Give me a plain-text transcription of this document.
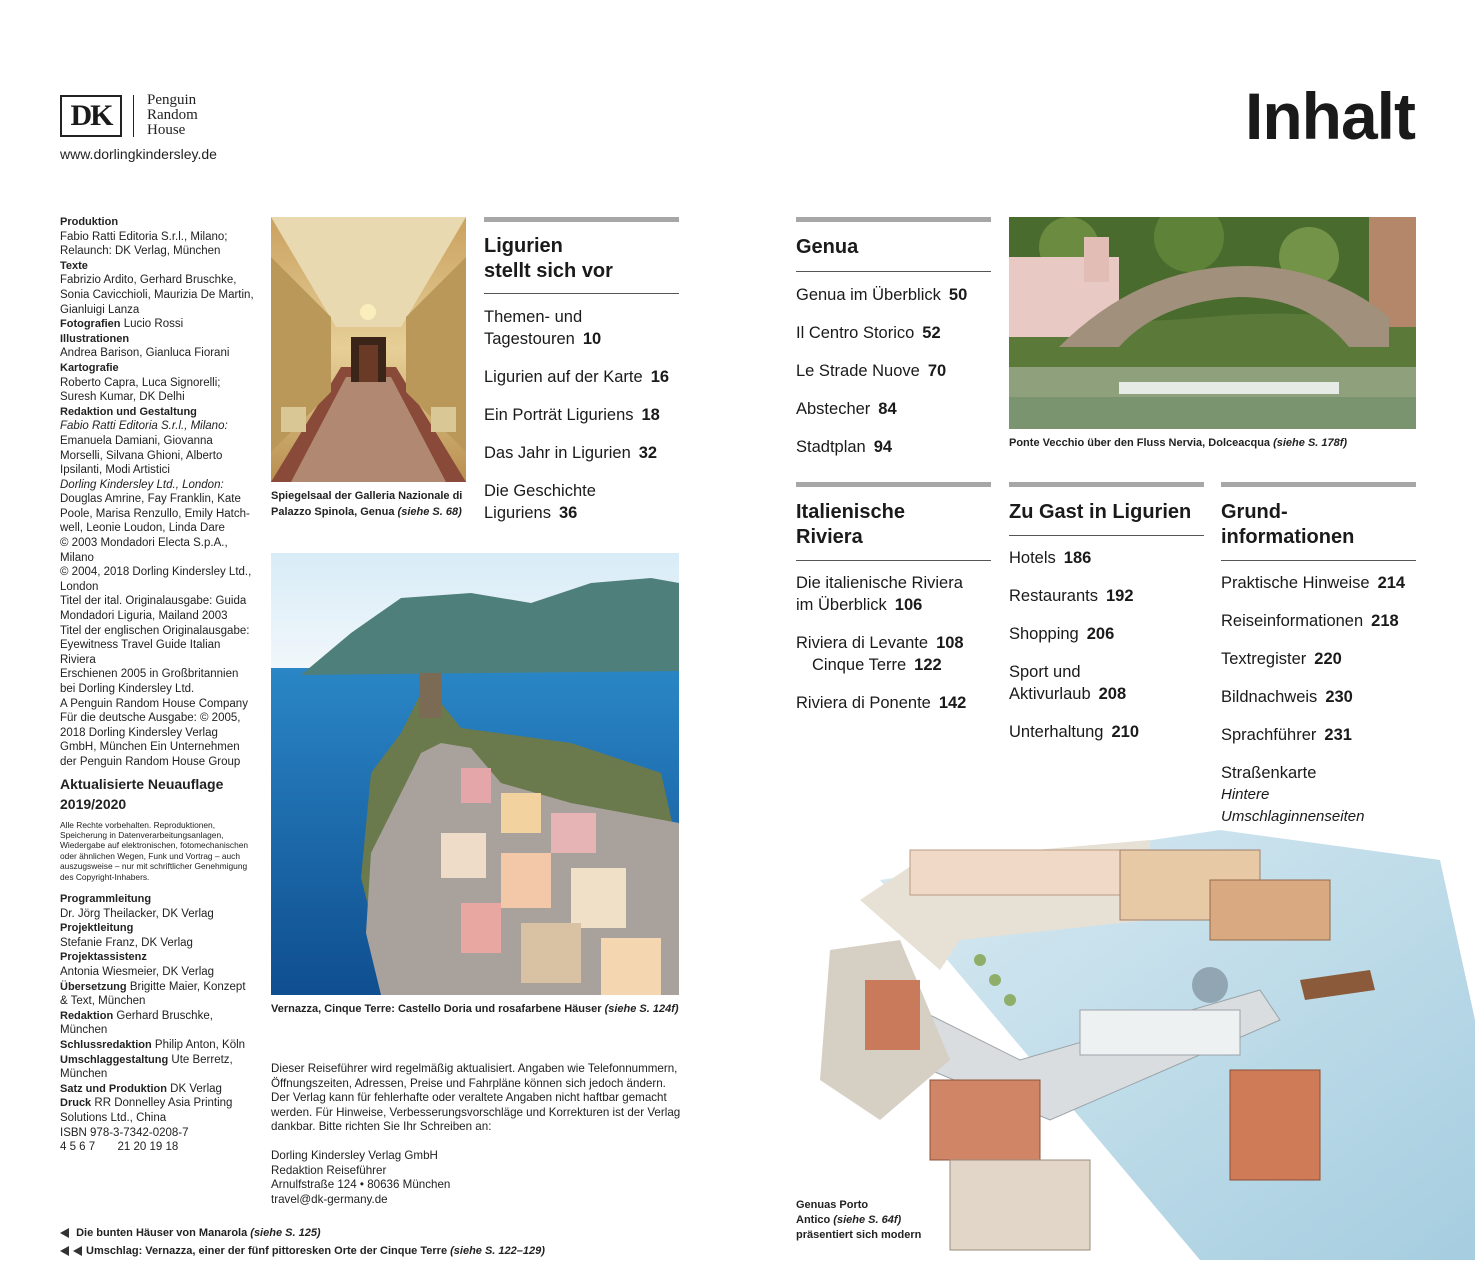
DK	Penguin
Random
House
www.dorlingkindersley.de
Inhalt
Produktion
Fabio Ratti Editoria S.r.l., Milano; Relaunch: DK Verlag, München
Texte
Fabrizio Ardito, Gerhard Bruschke, Sonia Cavicchioli, Maurizia De Martin, Gianluigi Lanza
Fotografien Lucio Rossi
Illustrationen
Andrea Barison, Gianluca Fiorani
Kartografie
Roberto Capra, Luca Signorelli; Suresh Kumar, DK Delhi
Redaktion und Gestaltung
Fabio Ratti Editoria S.r.l., Milano: Emanuela Damiani, Giovanna Morselli, Silvana Ghioni, Alberto Ipsilanti, Modi Artistici
Dorling Kindersley Ltd., London: Douglas Amrine, Fay Franklin, Kate Poole, Marisa Renzullo, Emily Hatchwell, Leonie Loudon, Linda Dare
© 2003 Mondadori Electa S.p.A., Milano
© 2004, 2018 Dorling Kindersley Ltd., London
Titel der ital. Originalausgabe: Guida Mondadori Liguria, Mailand 2003
Titel der englischen Originalausgabe: Eyewitness Travel Guide Italian Riviera
Erschienen 2005 in Großbritannien bei Dorling Kindersley Ltd.
A Penguin Random House Company
Für die deutsche Ausgabe: © 2005, 2018 Dorling Kindersley Verlag GmbH, München Ein Unternehmen der Penguin Random House Group
Aktualisierte Neuauflage
2019/2020
Alle Rechte vorbehalten. Reproduktionen, Speicherung in Datenverarbeitungsanlagen, Wiedergabe auf elektronischen, fotomechanischen oder ähnlichen Wegen, Funk und Vortrag – auch auszugsweise – nur mit schriftlicher Genehmigung des Copyright-Inhabers.
Programmleitung
Dr. Jörg Theilacker, DK Verlag
Projektleitung
Stefanie Franz, DK Verlag
Projektassistenz
Antonia Wiesmeier, DK Verlag
Übersetzung Brigitte Maier, Konzept & Text, München
Redaktion Gerhard Bruschke, München
Schlussredaktion Philip Anton, Köln
Umschlaggestaltung Ute Berretz, München
Satz und Produktion DK Verlag
Druck RR Donnelley Asia Printing Solutions Ltd., China
ISBN 978-3-7342-0208-7
4 5 6 7       21 20 19 18
Spiegelsaal der Galleria Nazionale di Palazzo Spinola, Genua (siehe S. 68)
Vernazza, Cinque Terre: Castello Doria und rosafarbene Häuser (siehe S. 124f)
Ligurien
stellt sich vor
Themen- und
Tagestouren 10
Ligurien auf der Karte 16
Ein Porträt Liguriens 18
Das Jahr in Ligurien 32
Die Geschichte
Liguriens 36
Genua
Genua im Überblick 50
Il Centro Storico 52
Le Strade Nuove 70
Abstecher 84
Stadtplan 94	Ponte Vecchio über den Fluss Nervia, Dolceacqua (siehe S. 178f)
Italienische
Riviera
Die italienische Riviera
im Überblick 106
Riviera di Levante 108
Cinque Terre 122
Riviera di Ponente 142
Zu Gast in Ligurien
Hotels 186
Restaurants 192
Shopping 206
Sport und
Aktivurlaub 208
Unterhaltung 210
Grund-
informationen
Praktische Hinweise 214
Reiseinformationen 218
Textregister 220
Bildnachweis 230
Sprachführer 231
Straßenkarte
Hintere Umschlaginnenseiten
Genuas Porto
Antico (siehe S. 64f)
präsentiert sich modern
Dieser Reiseführer wird regelmäßig aktualisiert. Angaben wie Telefonnummern, Öffnungszeiten, Adressen, Preise und Fahrpläne können sich jedoch ändern. Der Verlag kann für fehlerhafte oder veraltete Angaben nicht haftbar gemacht werden. Für Hinweise, Verbesserungsvorschläge und Korrekturen ist der Verlag dankbar. Bitte richten Sie Ihr Schreiben an:
Dorling Kindersley Verlag GmbH
Redaktion Reiseführer
Arnulfstraße 124 • 80636 München
travel@dk-germany.de
Die bunten Häuser von Manarola (siehe S. 125)
Umschlag: Vernazza, einer der fünf pittoresken Orte der Cinque Terre (siehe S. 122–129)
